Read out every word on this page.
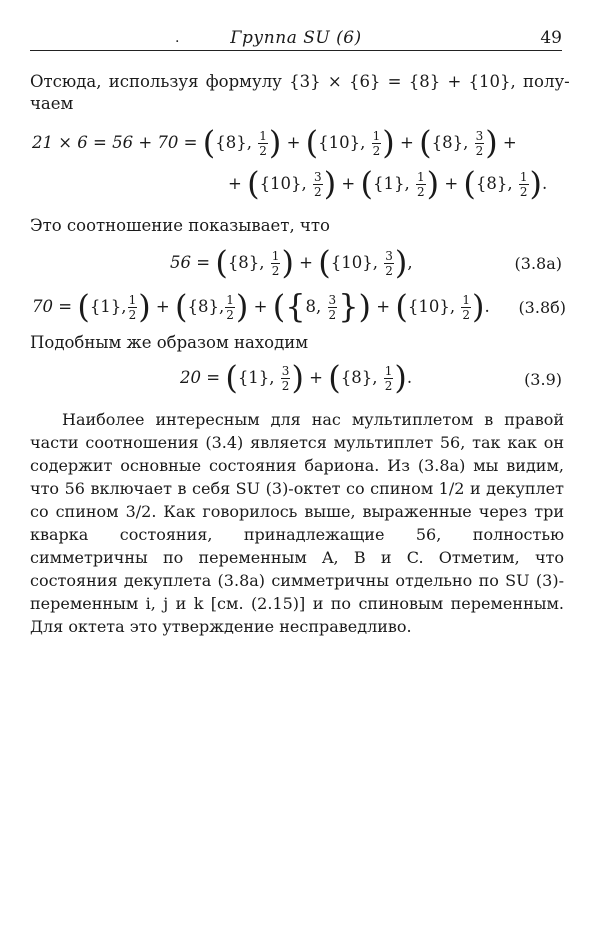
.	Группа SU (6)	49
Отсюда, используя формулу {3} × {6} = {8} + {10}, полу-
чаем
21 × 6 = 56 + 70 = ({8}, $\frac{1}{2}$ ) + ({10}, $\frac{1}{2}$ ) + ({8}, $\frac{3}{2}$ ) +
+ ({10}, $\frac{3}{2}$ ) + ({1}, $\frac{1}{2}$ ) + ({8}, $\frac{1}{2}$ ).
Это соотношение показывает, что
56 = ({8}, $\frac{1}{2}$ ) + ({10}, $\frac{3}{2}$ ),	(3.8а)
70 = ({1}, $\frac{1}{2}$ ) + ({8}, $\frac{1}{2}$ ) + ({8, $\frac{3}{2}$ }) + ({10}, $\frac{1}{2}$ ). (3.8б)
Подобным же образом находим
20 = ({1}, $\frac{3}{2}$ ) + ({8}, $\frac{1}{2}$ ).	(3.9)

Наиболее интересным для нас мультиплетом в правой части соотношения (3.4) является мультиплет 56, так как он содержит основные состояния бариона. Из (3.8а) мы видим, что 56 включает в себя SU (3)-октет со спином 1/2 и декуплет со спином 3/2. Как говорилось выше, выраженные через три кварка состояния, принадлежащие 56, полностью симметричны по переменным A, B и C. Отметим, что состояния декуплета (3.8а) симметричны отдельно по SU (3)-переменным i, j и k [см. (2.15)] и по спиновым переменным. Для октета это утверждение несправедливо.
